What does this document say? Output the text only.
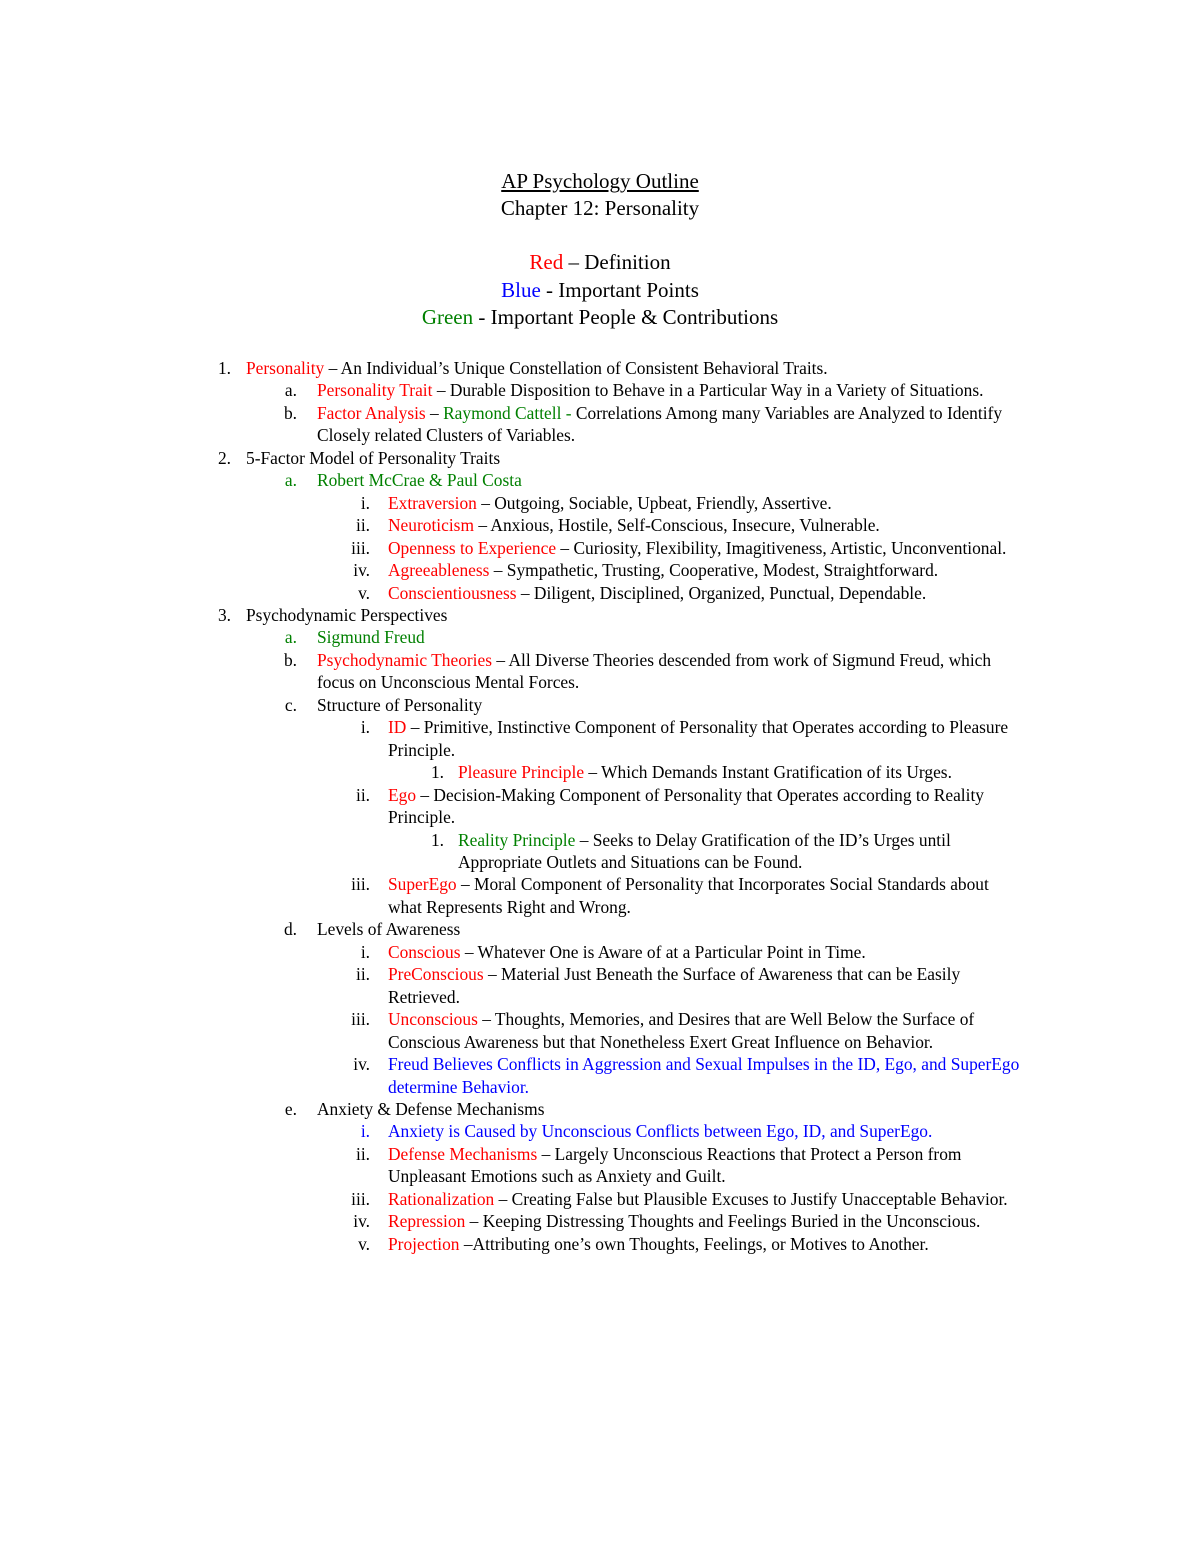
AP Psychology Outline
Chapter 12: Personality
Red – Definition
Blue - Important Points
Green - Important People & Contributions
1. Personality – An Individual’s Unique Constellation of Consistent Behavioral Traits.
a. Personality Trait – Durable Disposition to Behave in a Particular Way in a Variety of Situations.
b. Factor Analysis – Raymond Cattell - Correlations Among many Variables are Analyzed to Identify Closely related Clusters of Variables.
2. 5-Factor Model of Personality Traits
a. Robert McCrae & Paul Costa
i. Extraversion – Outgoing, Sociable, Upbeat, Friendly, Assertive.
ii. Neuroticism – Anxious, Hostile, Self-Conscious, Insecure, Vulnerable.
iii. Openness to Experience – Curiosity, Flexibility, Imagitiveness, Artistic, Unconventional.
iv. Agreeableness – Sympathetic, Trusting, Cooperative, Modest, Straightforward.
v. Conscientiousness – Diligent, Disciplined, Organized, Punctual, Dependable.
3. Psychodynamic Perspectives
a. Sigmund Freud
b. Psychodynamic Theories – All Diverse Theories descended from work of Sigmund Freud, which focus on Unconscious Mental Forces.
c. Structure of Personality
i. ID – Primitive, Instinctive Component of Personality that Operates according to Pleasure Principle.
1. Pleasure Principle – Which Demands Instant Gratification of its Urges.
ii. Ego – Decision-Making Component of Personality that Operates according to Reality Principle.
1. Reality Principle – Seeks to Delay Gratification of the ID’s Urges until Appropriate Outlets and Situations can be Found.
iii. SuperEgo – Moral Component of Personality that Incorporates Social Standards about what Represents Right and Wrong.
d. Levels of Awareness
i. Conscious – Whatever One is Aware of at a Particular Point in Time.
ii. PreConscious – Material Just Beneath the Surface of Awareness that can be Easily Retrieved.
iii. Unconscious – Thoughts, Memories, and Desires that are Well Below the Surface of Conscious Awareness but that Nonetheless Exert Great Influence on Behavior.
iv. Freud Believes Conflicts in Aggression and Sexual Impulses in the ID, Ego, and SuperEgo determine Behavior.
e. Anxiety & Defense Mechanisms
i. Anxiety is Caused by Unconscious Conflicts between Ego, ID, and SuperEgo.
ii. Defense Mechanisms – Largely Unconscious Reactions that Protect a Person from Unpleasant Emotions such as Anxiety and Guilt.
iii. Rationalization – Creating False but Plausible Excuses to Justify Unacceptable Behavior.
iv. Repression – Keeping Distressing Thoughts and Feelings Buried in the Unconscious.
v. Projection –Attributing one’s own Thoughts, Feelings, or Motives to Another.
